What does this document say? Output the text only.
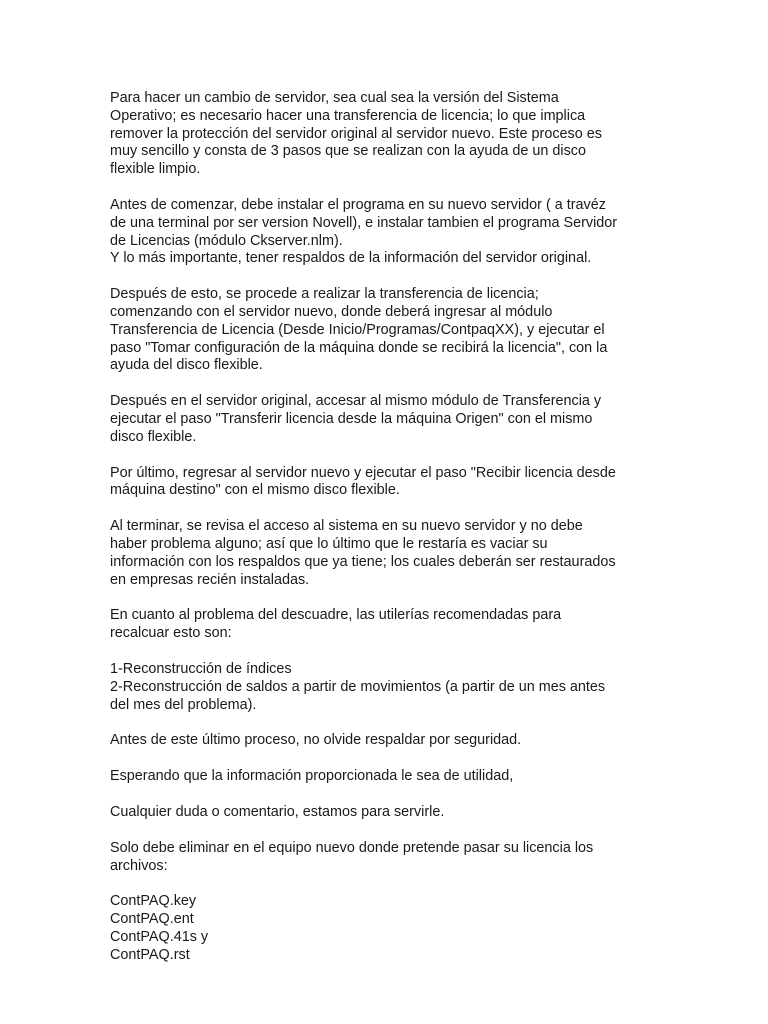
Para hacer un cambio de servidor, sea cual sea la versión del Sistema
Operativo; es necesario hacer una transferencia de licencia; lo que implica
remover la protección del servidor original al servidor nuevo. Este proceso es
muy sencillo y consta de 3 pasos que se realizan con la ayuda de un disco
flexible limpio.

Antes de comenzar, debe instalar el programa en su nuevo servidor ( a travéz
de una terminal por ser version Novell), e instalar tambien el programa Servidor
de Licencias (módulo Ckserver.nlm).
Y lo más importante, tener respaldos de la información del servidor original.

Después de esto, se procede a realizar la transferencia de licencia;
comenzando con el servidor nuevo, donde deberá ingresar al módulo
Transferencia de Licencia (Desde Inicio/Programas/ContpaqXX), y ejecutar el
paso "Tomar configuración de la máquina donde se recibirá la licencia", con la
ayuda del disco flexible.

Después en el servidor original, accesar al mismo módulo de Transferencia y
ejecutar el paso "Transferir licencia desde la máquina Origen" con el mismo
disco flexible.

Por último, regresar al servidor nuevo y ejecutar el paso "Recibir licencia desde
máquina destino" con el mismo disco flexible.

Al terminar, se revisa el acceso al sistema en su nuevo servidor y no debe
haber problema alguno; así que lo último que le restaría es vaciar su
información con los respaldos que ya tiene; los cuales deberán ser restaurados
en empresas recién instaladas.

En cuanto al problema del descuadre, las utilerías recomendadas para
recalcuar esto son:

1-Reconstrucción de índices
2-Reconstrucción de saldos a partir de movimientos (a partir de un mes antes
del mes del problema).

Antes de este último proceso, no olvide respaldar por seguridad.

Esperando que la información proporcionada le sea de utilidad,

Cualquier duda o comentario, estamos para servirle.

Solo debe eliminar en el equipo nuevo donde pretende pasar su licencia los
archivos:

ContPAQ.key
ContPAQ.ent
ContPAQ.41s y
ContPAQ.rst
